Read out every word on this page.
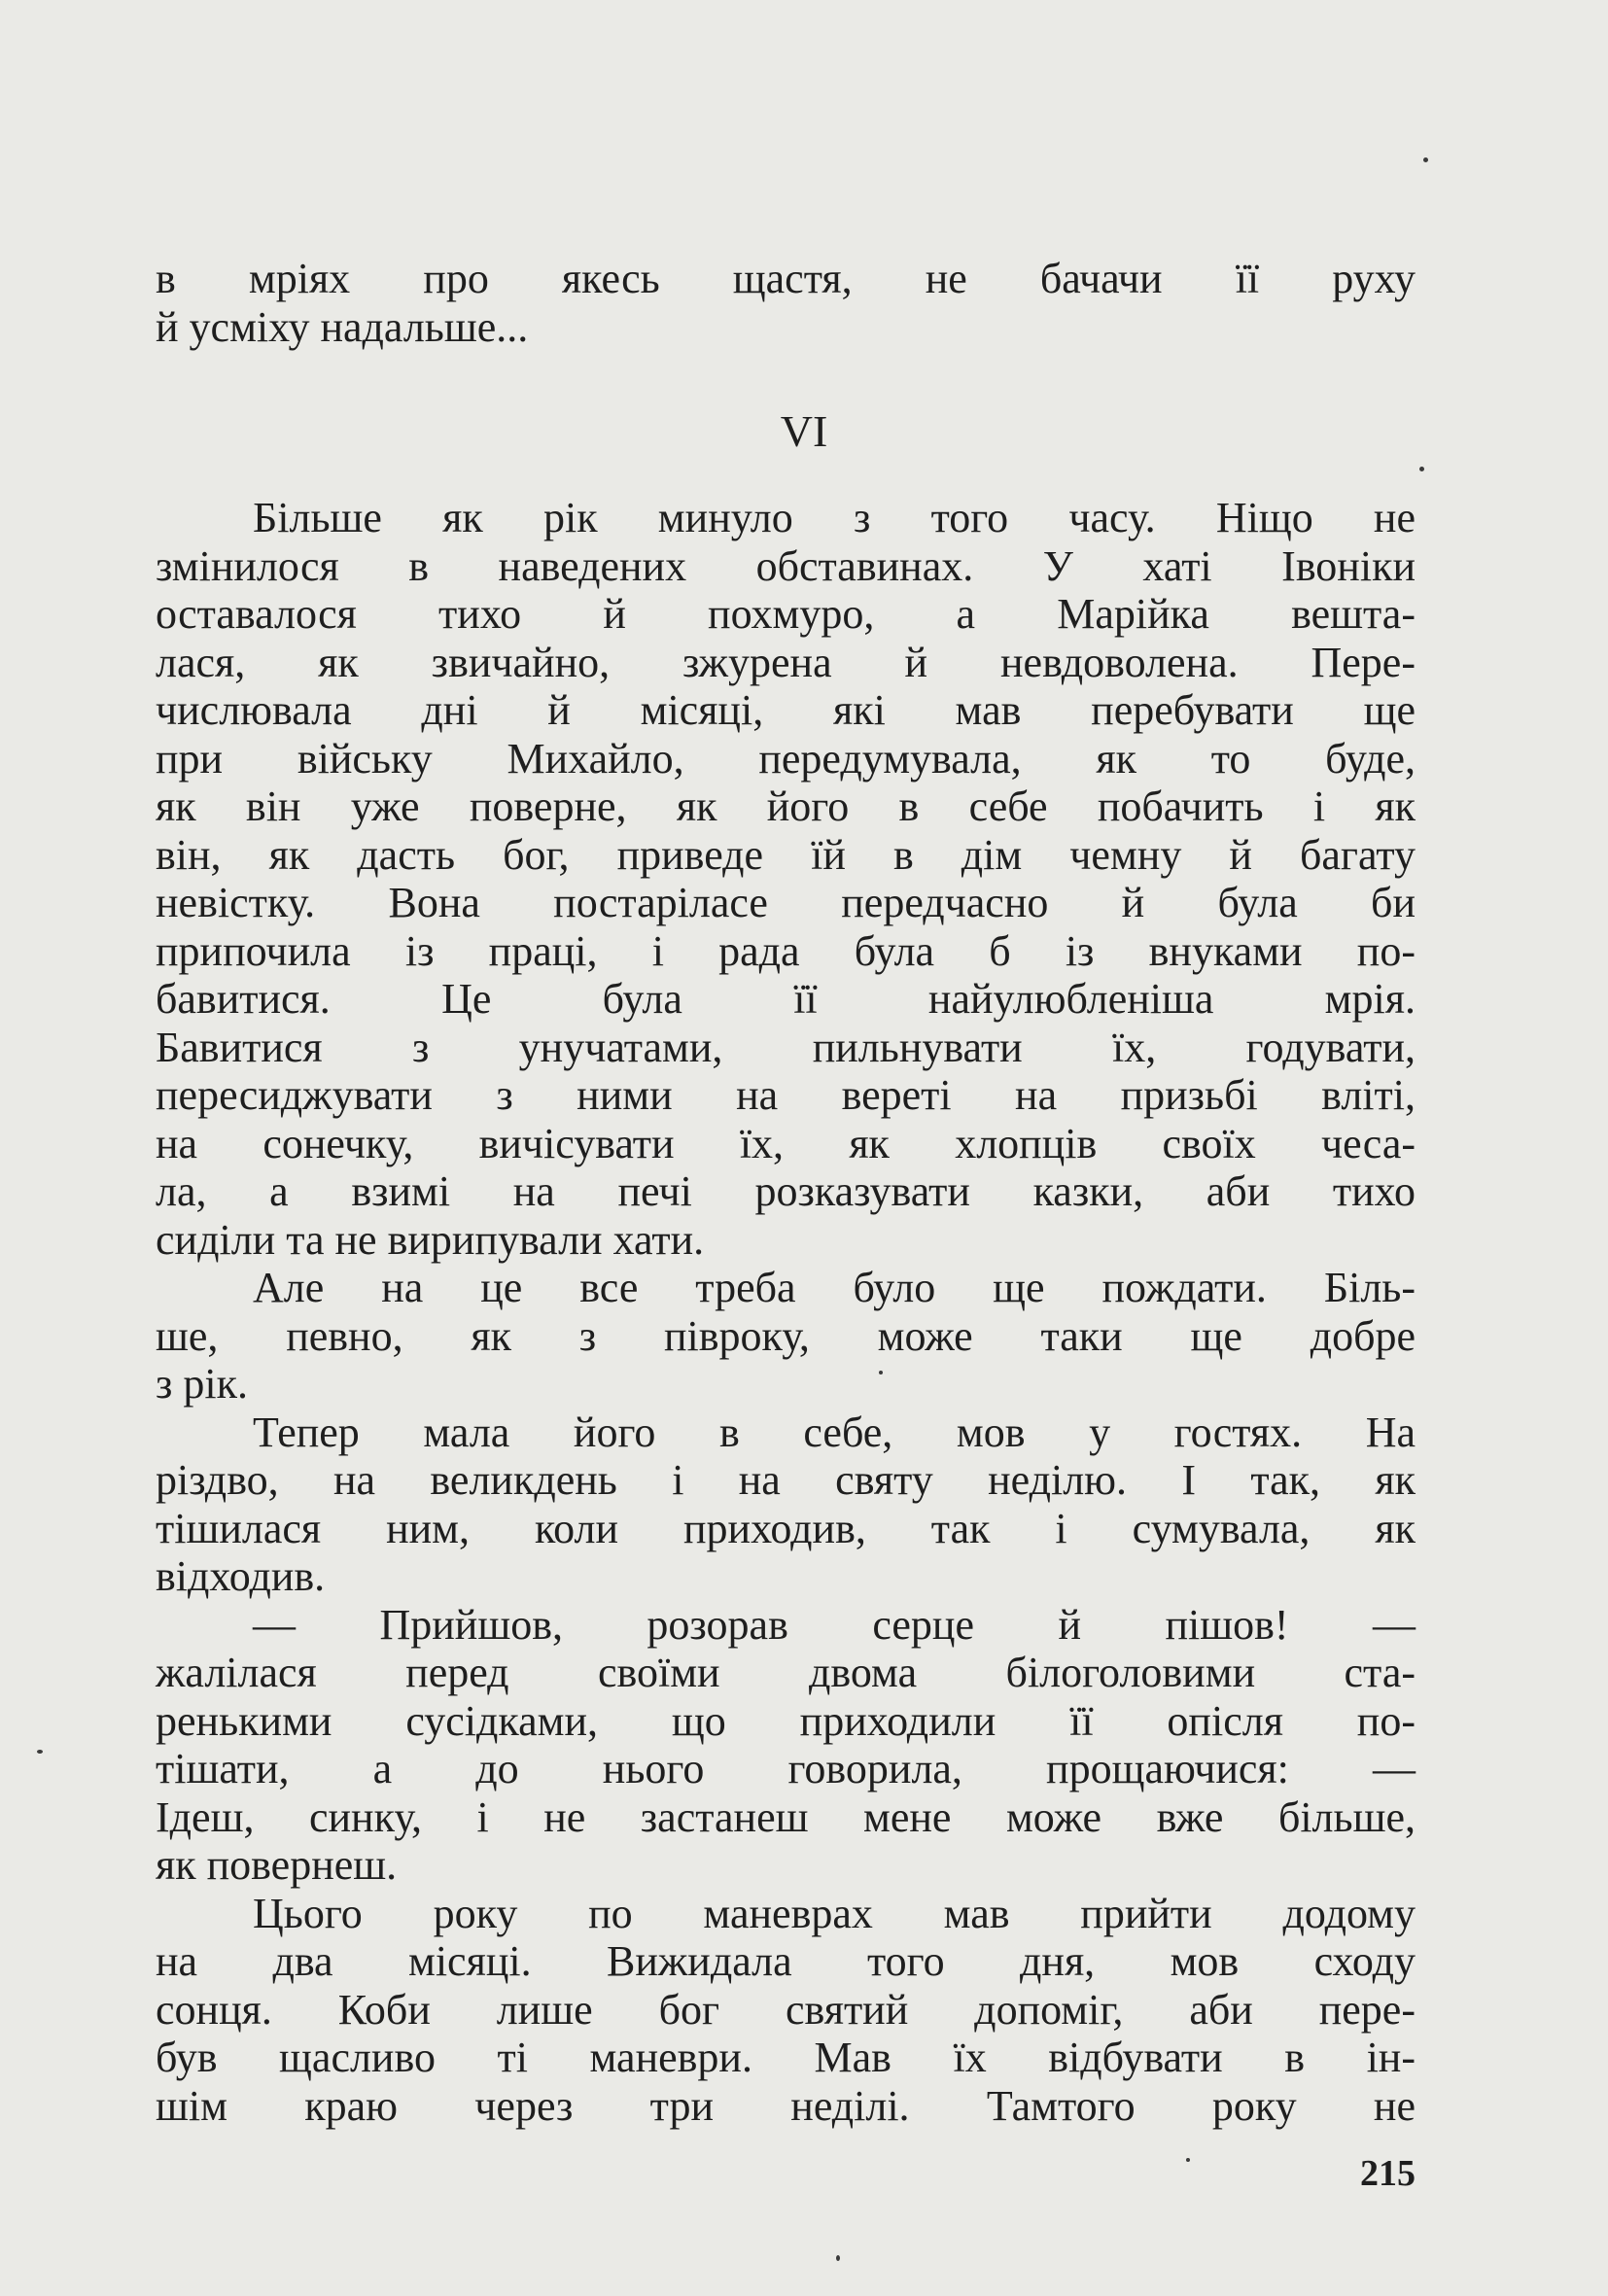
в мріях про якесь щастя, не бачачи її руху
й усміху надальше...
VI
Більше як рік минуло з того часу. Ніщо не
змінилося в наведених обставинах. У хаті Івоніки
оставалося тихо й похмуро, а Марійка вешта-
лася, як звичайно, зжурена й невдоволена. Пере-
числювала дні й місяці, які мав перебувати ще
при війську Михайло, передумувала, як то буде,
як він уже поверне, як його в себе побачить і як
він, як дасть бог, приведе їй в дім чемну й багату
невістку. Вона постаріласе передчасно й була би
припочила із праці, і рада була б із внуками по-
бавитися. Це була її найулюбленіша мрія.
Бавитися з унучатами, пильнувати їх, годувати,
пересиджувати з ними на вереті на призьбі вліті,
на сонечку, вичісувати їх, як хлопців своїх чеса-
ла, а взимі на печі розказувати казки, аби тихо
сиділи та не вирипували хати.
Але на це все треба було ще пождати. Біль-
ше, певно, як з півроку, може таки ще добре
з рік.
Тепер мала його в себе, мов у гостях. На
різдво, на великдень і на святу неділю. І так, як
тішилася ним, коли приходив, так і сумувала, як
відходив.
— Прийшов, розорав серце й пішов! —
жалілася перед своїми двома білоголовими ста-
ренькими сусідками, що приходили її опісля по-
тішати, а до нього говорила, прощаючися: —
Ідеш, синку, і не застанеш мене може вже більше,
як повернеш.
Цього року по маневрах мав прийти додому
на два місяці. Вижидала того дня, мов сходу
сонця. Коби лише бог святий допоміг, аби пере-
був щасливо ті маневри. Мав їх відбувати в ін-
шім краю через три неділі. Тамтого року не
215
